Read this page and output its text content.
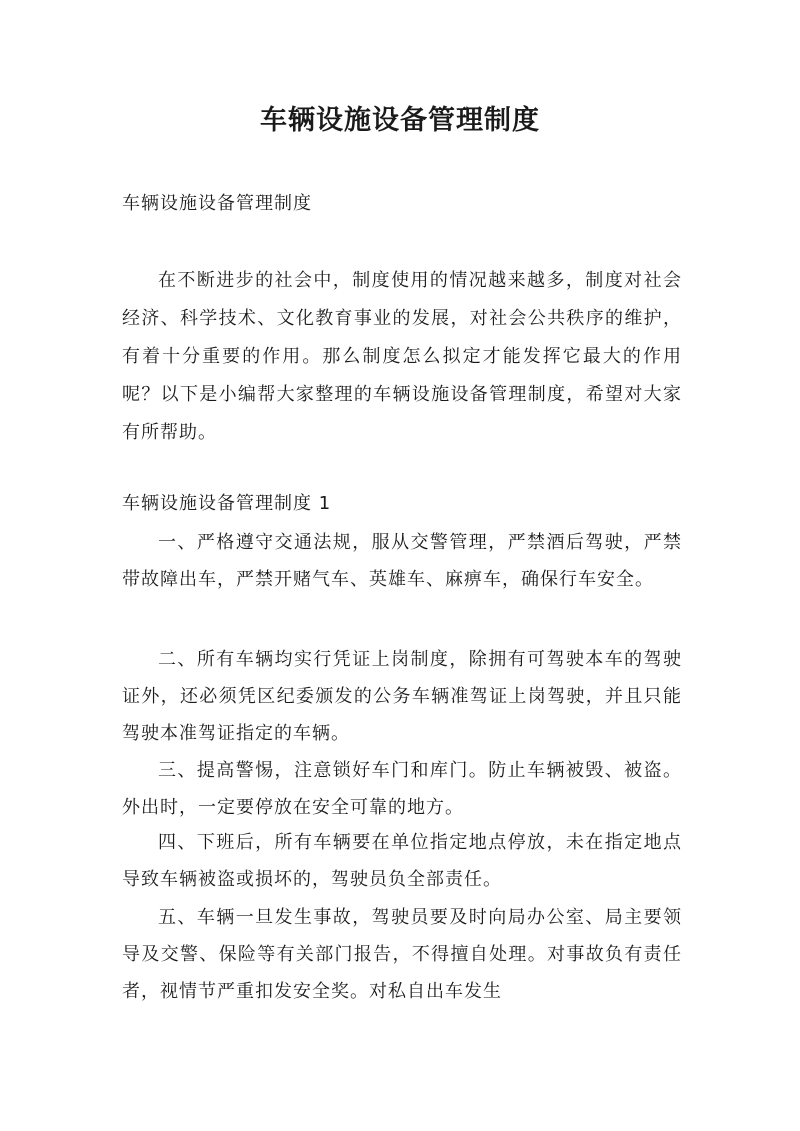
车辆设施设备管理制度

车辆设施设备管理制度

在不断进步的社会中，制度使用的情况越来越多，制度对社会经济、科学技术、文化教育事业的发展，对社会公共秩序的维护，有着十分重要的作用。那么制度怎么拟定才能发挥它最大的作用呢？以下是小编帮大家整理的车辆设施设备管理制度，希望对大家有所帮助。

车辆设施设备管理制度 1

一、严格遵守交通法规，服从交警管理，严禁酒后驾驶，严禁带故障出车，严禁开赌气车、英雄车、麻痹车，确保行车安全。

二、所有车辆均实行凭证上岗制度，除拥有可驾驶本车的驾驶证外，还必须凭区纪委颁发的公务车辆准驾证上岗驾驶，并且只能驾驶本准驾证指定的车辆。

三、提高警惕，注意锁好车门和库门。防止车辆被毁、被盗。外出时，一定要停放在安全可靠的地方。

四、下班后，所有车辆要在单位指定地点停放，未在指定地点导致车辆被盗或损坏的，驾驶员负全部责任。

五、车辆一旦发生事故，驾驶员要及时向局办公室、局主要领导及交警、保险等有关部门报告，不得擅自处理。对事故负有责任者，视情节严重扣发安全奖。对私自出车发生
